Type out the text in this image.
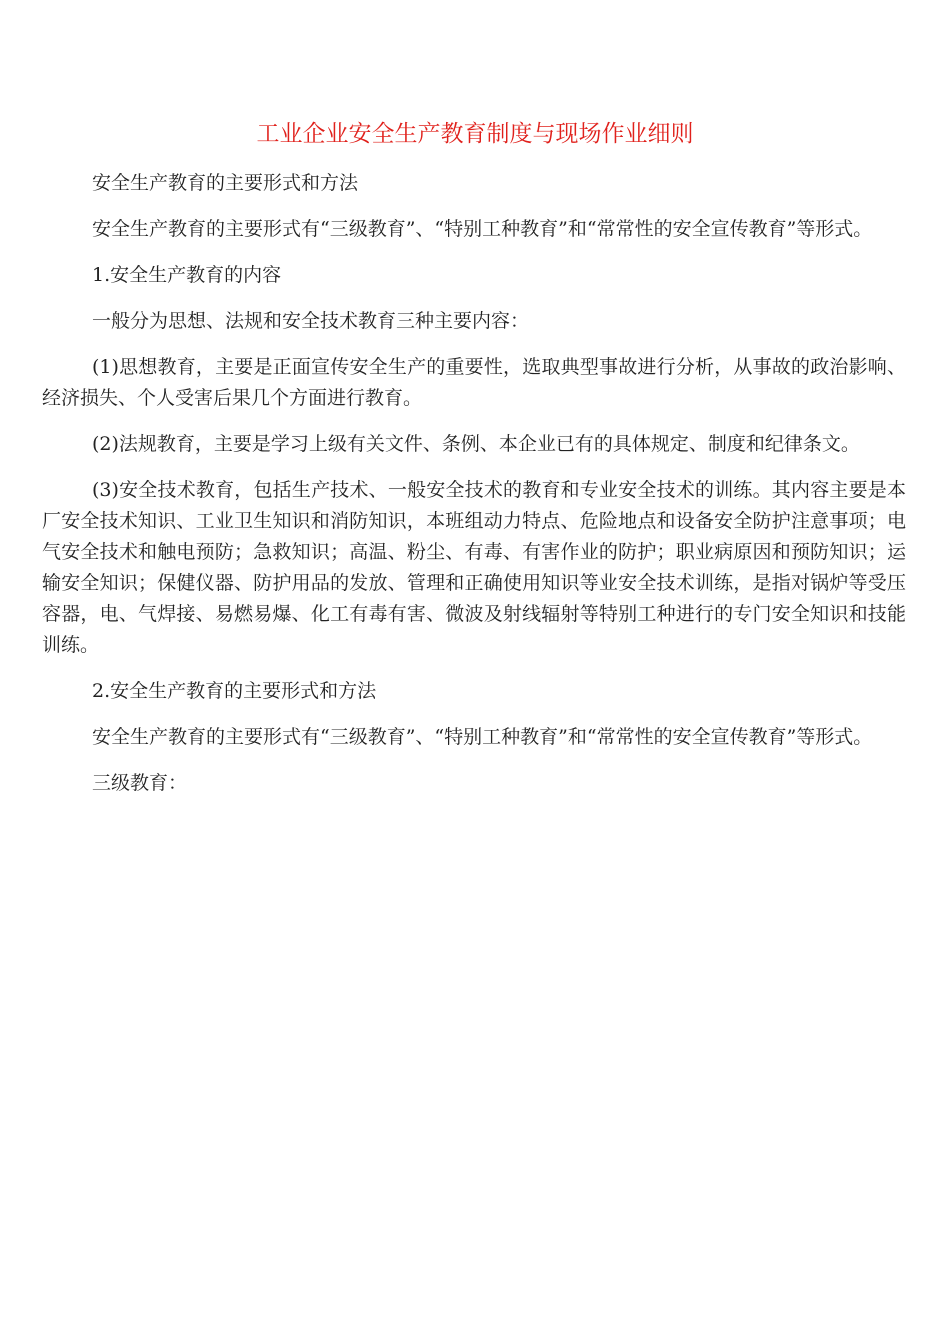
工业企业安全生产教育制度与现场作业细则

安全生产教育的主要形式和方法

安全生产教育的主要形式有“三级教育”、“特别工种教育”和“常常性的安全宣传教育”等形式。

1.安全生产教育的内容

一般分为思想、法规和安全技术教育三种主要内容：

(1)思想教育，主要是正面宣传安全生产的重要性，选取典型事故进行分析，从事故的政治影响、经济损失、个人受害后果几个方面进行教育。

(2)法规教育，主要是学习上级有关文件、条例、本企业已有的具体规定、制度和纪律条文。

(3)安全技术教育，包括生产技术、一般安全技术的教育和专业安全技术的训练。其内容主要是本厂安全技术知识、工业卫生知识和消防知识，本班组动力特点、危险地点和设备安全防护注意事项；电气安全技术和触电预防；急救知识；高温、粉尘、有毒、有害作业的防护；职业病原因和预防知识；运输安全知识；保健仪器、防护用品的发放、管理和正确使用知识等业安全技术训练，是指对锅炉等受压容器，电、气焊接、易燃易爆、化工有毒有害、微波及射线辐射等特别工种进行的专门安全知识和技能训练。

2.安全生产教育的主要形式和方法

安全生产教育的主要形式有“三级教育”、“特别工种教育”和“常常性的安全宣传教育”等形式。

三级教育：
